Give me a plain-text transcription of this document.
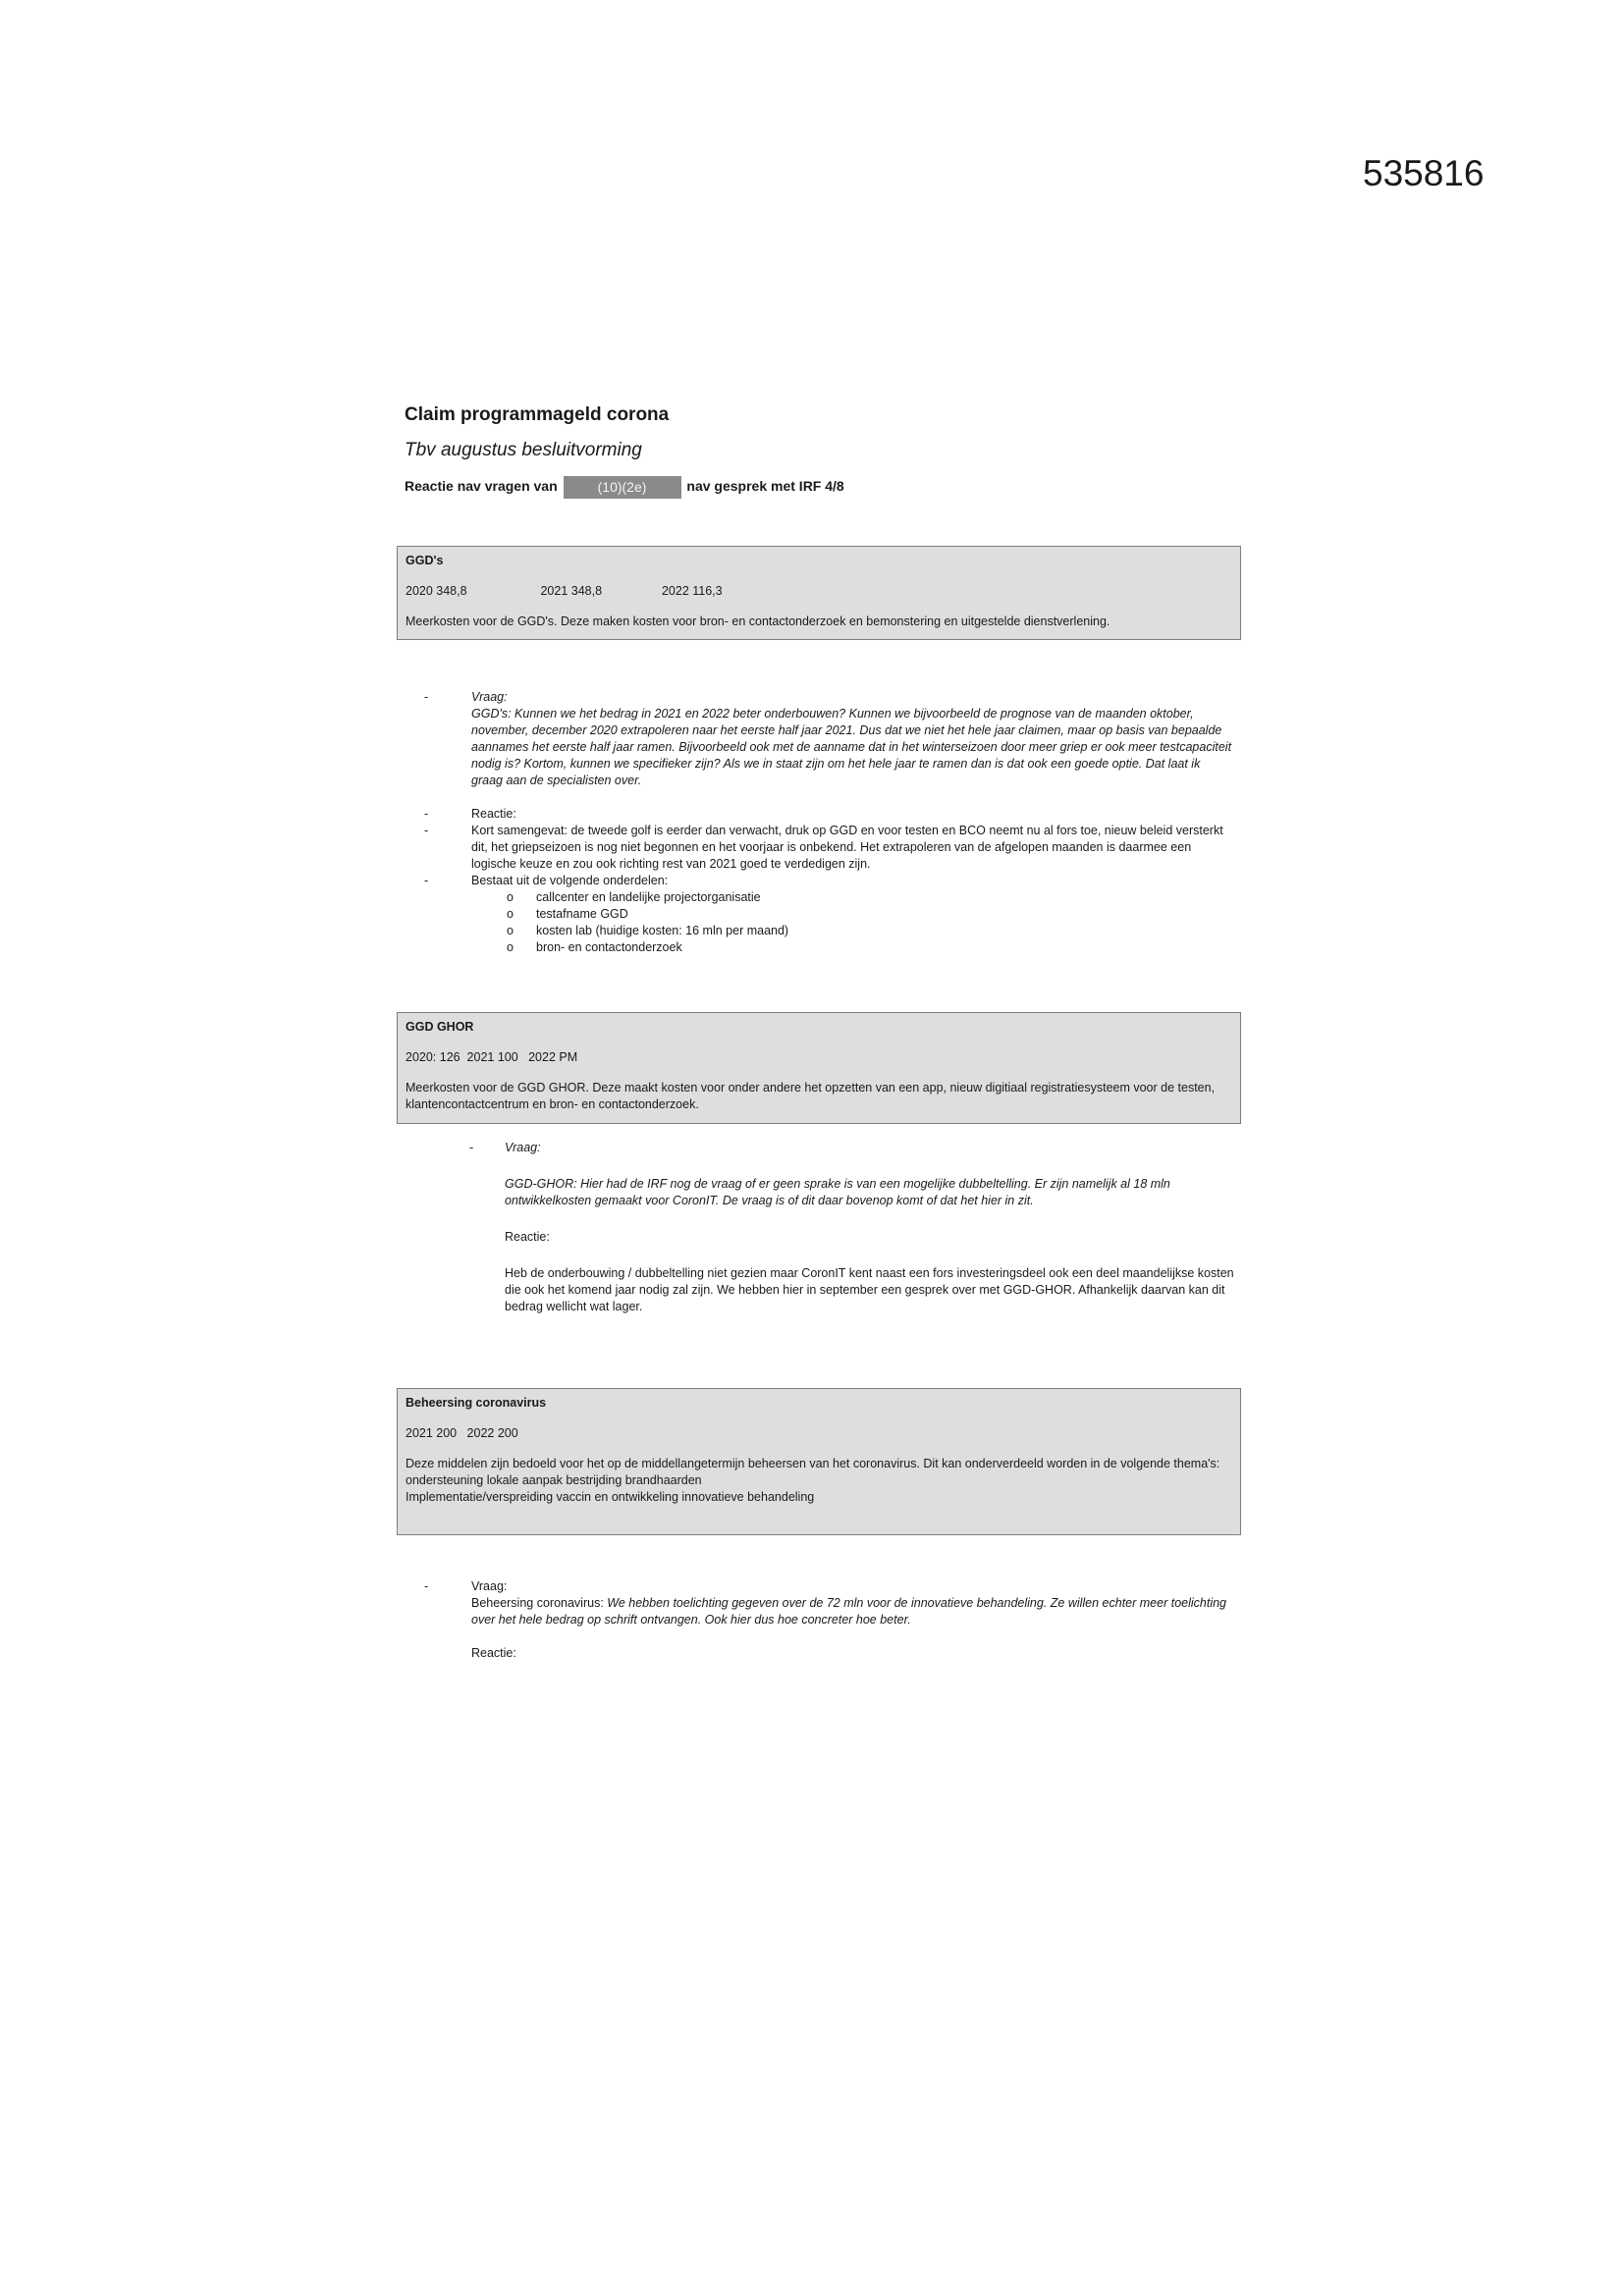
535816
Claim programmageld corona
Tbv augustus besluitvorming
Reactie nav vragen van	(10)(2e)	nav gesprek met IRF 4/8
GGD's
2020 348,8	2021 348,8	2022 116,3
Meerkosten voor de GGD's. Deze maken kosten voor bron- en contactonderzoek en bemonstering en uitgestelde dienstverlening.
-	Vraag:
GGD's: Kunnen we het bedrag in 2021 en 2022 beter onderbouwen? Kunnen we bijvoorbeeld de prognose van de maanden oktober, november, december 2020 extrapoleren naar het eerste half jaar 2021. Dus dat we niet het hele jaar claimen, maar op basis van bepaalde aannames het eerste half jaar ramen. Bijvoorbeeld ook met de aanname dat in het winterseizoen door meer griep er ook meer testcapaciteit nodig is? Kortom, kunnen we specifieker zijn? Als we in staat zijn om het hele jaar te ramen dan is dat ook een goede optie. Dat laat ik graag aan de specialisten over.
-	Reactie:
-	Kort samengevat: de tweede golf is eerder dan verwacht, druk op GGD en voor testen en BCO neemt nu al fors toe, nieuw beleid versterkt dit, het griepseizoen is nog niet begonnen en het voorjaar is onbekend. Het extrapoleren van de afgelopen maanden is daarmee een logische keuze en zou ook richting rest van 2021 goed te verdedigen zijn.
-	Bestaat uit de volgende onderdelen:
o callcenter en landelijke projectorganisatie
o testafname GGD
o kosten lab (huidige kosten: 16 mln per maand)
o bron- en contactonderzoek
GGD GHOR
2020: 126  2021 100   2022 PM
Meerkosten voor de GGD GHOR. Deze maakt kosten voor onder andere het opzetten van een app, nieuw digitiaal registratiesysteem voor de testen, klantencontactcentrum en bron- en contactonderzoek.
-	Vraag:
GGD-GHOR: Hier had de IRF nog de vraag of er geen sprake is van een mogelijke dubbeltelling. Er zijn namelijk al 18 mln ontwikkelkosten gemaakt voor CoronIT. De vraag is of dit daar bovenop komt of dat het hier in zit.
Reactie:
Heb de onderbouwing / dubbeltelling niet gezien maar CoronIT kent naast een fors investeringsdeel ook een deel maandelijkse kosten die ook het komend jaar nodig zal zijn. We hebben hier in september een gesprek over met GGD-GHOR. Afhankelijk daarvan kan dit bedrag wellicht wat lager.
Beheersing coronavirus
2021 200   2022 200
Deze middelen zijn bedoeld voor het op de middellangetermijn beheersen van het coronavirus. Dit kan onderverdeeld worden in de volgende thema's:
ondersteuning lokale aanpak bestrijding brandhaarden
Implementatie/verspreiding vaccin en ontwikkeling innovatieve behandeling
-	Vraag:
Beheersing coronavirus: We hebben toelichting gegeven over de 72 mln voor de innovatieve behandeling. Ze willen echter meer toelichting over het hele bedrag op schrift ontvangen. Ook hier dus hoe concreter hoe beter.
Reactie:
